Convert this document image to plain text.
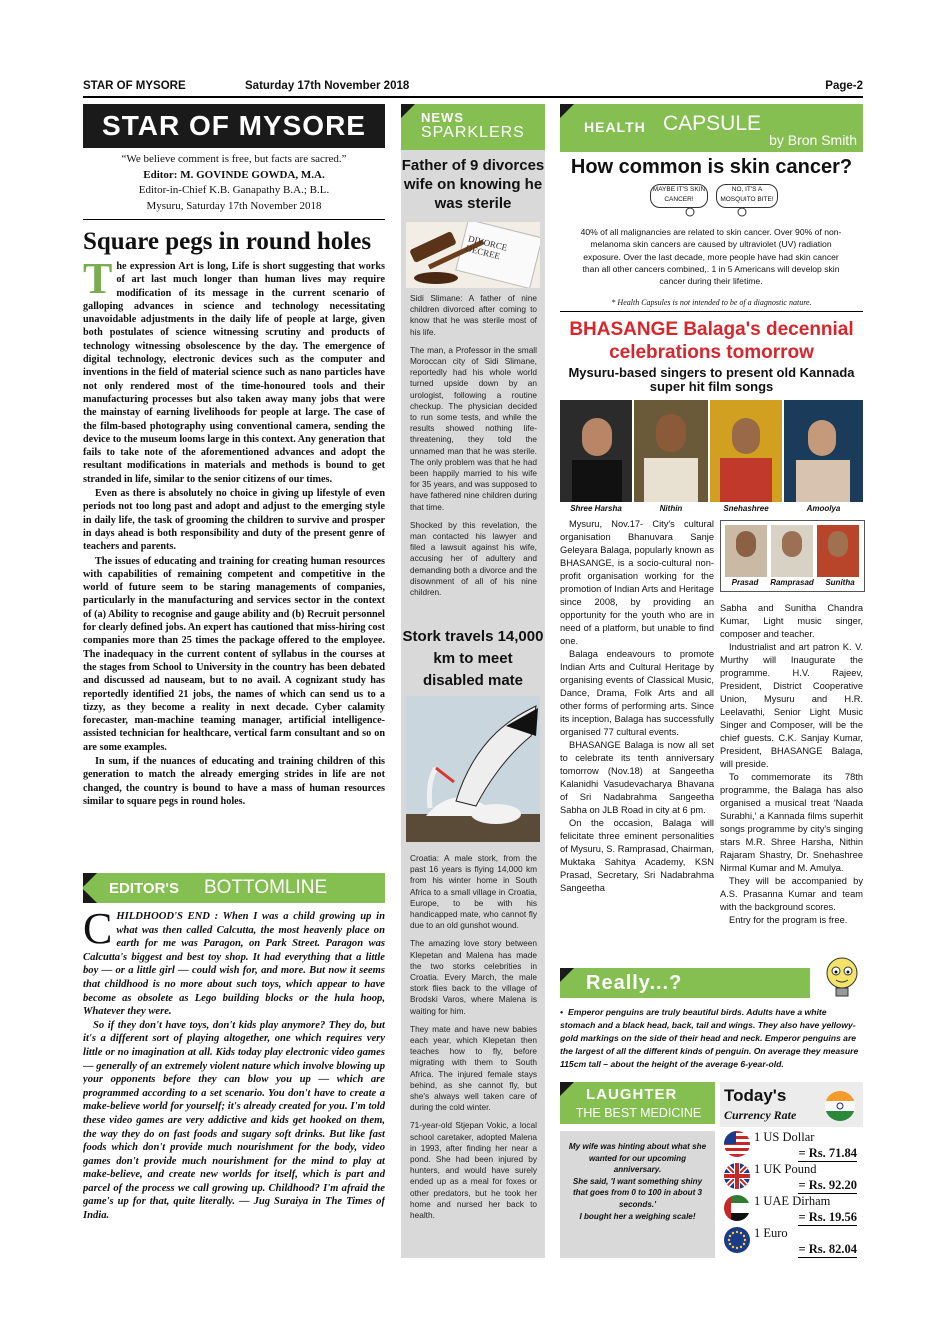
STAR OF MYSORE	Saturday 17th November 2018	Page-2
STAR OF MYSORE
“We believe comment is free, but facts are sacred.”
Editor: M. GOVINDE GOWDA, M.A.
Editor-in-Chief K.B. Ganapathy B.A.; B.L.
Mysuru, Saturday 17th November 2018
Square pegs in round holes
T he expression Art is long, Life is short suggesting that works of art last much longer than human lives may require modification of its message in the current scenario of galloping advances in science and technology necessitating unavoidable adjustments in the daily life of people at large, given both postulates of science witnessing scrutiny and products of technology witnessing obsolescence by the day. The emergence of digital technology, electronic devices such as the computer and inventions in the field of material science such as nano particles have not only rendered most of the time-honoured tools and their manufacturing processes but also taken away many jobs that were the mainstay of earning livelihoods for people at large. The case of the film-based photography using conventional camera, sending the device to the museum looms large in this context. Any generation that fails to take note of the aforementioned advances and adopt the resultant modifications in materials and methods is bound to get stranded in life, similar to the senior citizens of our times.

Even as there is absolutely no choice in giving up lifestyle of even periods not too long past and adopt and adjust to the emerging style in daily life, the task of grooming the children to survive and prosper in days ahead is both responsibility and duty of the present genre of teachers and parents.

The issues of educating and training for creating human resources with capabilities of remaining competent and competitive in the world of future seem to be staring managements of companies, particularly in the manufacturing and services sector in the context of (a) Ability to recognise and gauge ability and (b) Recruit personnel for clearly defined jobs. An expert has cautioned that miss-hiring cost companies more than 25 times the package offered to the employee. The inadequacy in the current content of syllabus in the courses at the stages from School to University in the country has been debated and discussed ad nauseam, but to no avail. A cognizant study has reportedly identified 21 jobs, the names of which can send us to a tizzy, as they become a reality in next decade. Cyber calamity forecaster, man-machine teaming manager, artificial intelligence-assisted technician for healthcare, vertical farm consultant and so on are some examples.

In sum, if the nuances of educating and training children of this generation to match the already emerging strides in life are not changed, the country is bound to have a mass of human resources similar to square pegs in round holes.

EDITOR'S BOTTOMLINE
C HILDHOOD'S END : When I was a child growing up in what was then called Calcutta, the most heavenly place on earth for me was Paragon, on Park Street. Paragon was Calcutta's biggest and best toy shop. It had everything that a little boy — or a little girl — could wish for, and more. But now it seems that childhood is no more about such toys, which appear to have become as obsolete as Lego building blocks or the hula hoop, Whatever they were.

So if they don't have toys, don't kids play anymore? They do, but it's a different sort of playing altogether, one which requires very little or no imagination at all. Kids today play electronic video games — generally of an extremely violent nature which involve blowing up your opponents before they can blow you up — which are programmed according to a set scenario. You don't have to create a make-believe world for yourself; it's already created for you. I'm told these video games are very addictive and kids get hooked on them, the way they do on fast foods and sugary soft drinks. But like fast foods which don't provide much nourishment for the body, video games don't provide much nourishment for the mind to play at make-believe, and create new worlds for itself, which is part and parcel of the process we call growing up. Childhood? I'm afraid the game's up for that, quite literally. — Jug Suraiya in The Times of India.

NEWS
SPARKLERS
Father of 9 divorces wife on knowing he was sterile
DIVORCE DECREE

Sidi Slimane: A father of nine children divorced after coming to know that he was sterile most of his life.

The man, a Professor in the small Moroccan city of Sidi Slimane, reportedly had his whole world turned upside down by an urologist, following a routine checkup. The physician decided to run some tests, and while the results showed nothing life-threatening, they told the unnamed man that he was sterile. The only problem was that he had been happily married to his wife for 35 years, and was supposed to have fathered nine children during that time.

Shocked by this revelation, the man contacted his lawyer and filed a lawsuit against his wife, accusing her of adultery and demanding both a divorce and the disownment of all of his nine children.

Stork travels 14,000 km to meet disabled mate

Croatia: A male stork, from the past 16 years is flying 14,000 km from his winter home in South Africa to a small village in Croatia, Europe, to be with his handicapped mate, who cannot fly due to an old gunshot wound.

The amazing love story between Klepetan and Malena has made the two storks celebrities in Croatia. Every March, the male stork flies back to the village of Brodski Varos, where Malena is waiting for him.

They mate and have new babies each year, which Klepetan then teaches how to fly, before migrating with them to South Africa. The injured female stays behind, as she cannot fly, but she's always well taken care of during the cold winter.

71-year-old Stjepan Vokic, a local school caretaker, adopted Malena in 1993, after finding her near a pond. She had been injured by hunters, and would have surely ended up as a meal for foxes or other predators, but he took her home and nursed her back to health.

HEALTH CAPSULE
by Bron Smith
How common is skin cancer?
MAYBE IT'S SKIN CANCER!
NO, IT'S A MOSQUITO BITE!
40% of all malignancies are related to skin cancer. Over 90% of non-melanoma skin cancers are caused by ultraviolet (UV) radiation exposure. Over the last decade, more people have had skin cancer than all other cancers combined,. 1 in 5 Americans will develop skin cancer during their lifetime.
* Health Capsules is not intended to be of a diagnostic nature.
BHASANGE Balaga's decennial celebrations tomorrow
Mysuru-based singers to present old Kannada super hit film songs
Shree Harsha	Nithin	Snehashree	Amoolya
Prasad	Ramprasad	Sunitha

Mysuru, Nov.17- City's cultural organisation Bhanuvara Sanje Geleyara Balaga, popularly known as BHASANGE, is a socio-cultural non-profit organisation working for the promotion of Indian Arts and Heritage since 2008, by providing an opportunity for the youth who are in need of a platform, but unable to find one.

Balaga endeavours to promote Indian Arts and Cultural Heritage by organising events of Classical Music, Dance, Drama, Folk Arts and all other forms of performing arts. Since its inception, Balaga has successfully organised 77 cultural events.

BHASANGE Balaga is now all set to celebrate its tenth anniversary tomorrow (Nov.18) at Sangeetha Kalanidhi Vasudevacharya Bhavana of Sri Nadabrahma Sangeetha Sabha on JLB Road in city at 6 pm.

On the occasion, Balaga will felicitate three eminent personalities of Mysuru, S. Ramprasad, Chairman, Muktaka Sahitya Academy, KSN Prasad, Secretary, Sri Nadabrahma Sangeetha

Sabha and Sunitha Chandra Kumar, Light music singer, composer and teacher.

Industrialist and art patron K. V. Murthy will Inaugurate the programme. H.V. Rajeev, President, District Cooperative Union, Mysuru and H.R. Leelavathi, Senior Light Music Singer and Composer, will be the chief guests. C.K. Sanjay Kumar, President, BHASANGE Balaga, will preside.

To commemorate its 78th programme, the Balaga has also organised a musical treat 'Naada Surabhi,' a Kannada films superhit songs programme by city's singing stars M.R. Shree Harsha, Nithin Rajaram Shastry, Dr. Snehashree Nirmal Kumar and M. Amulya.

They will be accompanied by A.S. Prasanna Kumar and team with the background scores.

Entry for the program is free.

Really...?
• Emperor penguins are truly beautiful birds. Adults have a white stomach and a black head, back, tail and wings. They also have yellowy-gold markings on the side of their head and neck. Emperor penguins are the largest of all the different kinds of penguin. On average they measure 115cm tall – about the height of the average 6-year-old.
LAUGHTER
THE BEST MEDICINE
My wife was hinting about what she wanted for our upcoming anniversary.
She said, 'I want something shiny that goes from 0 to 100 in about 3 seconds.'
I bought her a weighing scale!
Today's
Currency Rate
1 US Dollar
= Rs. 71.84
1 UK Pound
= Rs. 92.20
1 UAE Dirham
= Rs. 19.56
1 Euro
= Rs. 82.04
